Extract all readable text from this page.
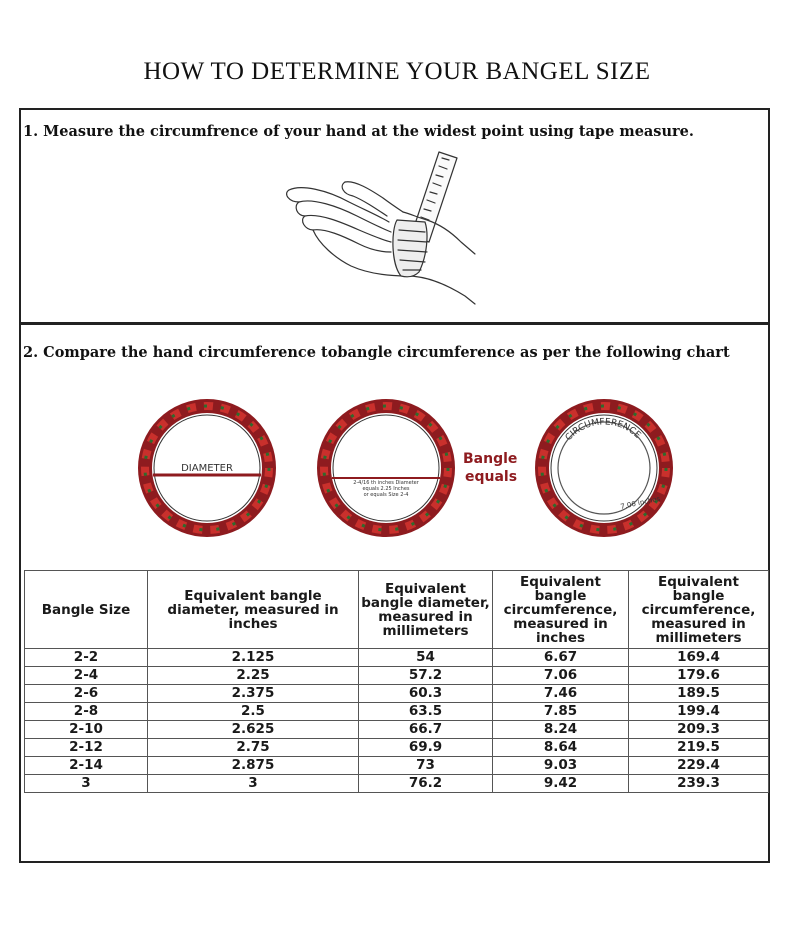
HOW TO DETERMINE YOUR BANGEL SIZE
1. Measure the circumfrence of your hand at the widest point using tape measure.
2. Compare the hand circumference tobangle circumference as per the following chart
DIAMETER
2-4/16 th inches Diameter
equals 2.25 Inches
or equals Size 2-4
Bangle
equals
CIRCUMFERENCE
7.06 inches
Bangle Size	Equivalent bangle diameter, measured in inches	Equivalent bangle diameter, measured in millimeters	Equivalent bangle circumference, measured in inches	Equivalent bangle circumference, measured in millimeters
2-2	2.125	54	6.67	169.4
2-4	2.25	57.2	7.06	179.6
2-6	2.375	60.3	7.46	189.5
2-8	2.5	63.5	7.85	199.4
2-10	2.625	66.7	8.24	209.3
2-12	2.75	69.9	8.64	219.5
2-14	2.875	73	9.03	229.4
3	3	76.2	9.42	239.3
